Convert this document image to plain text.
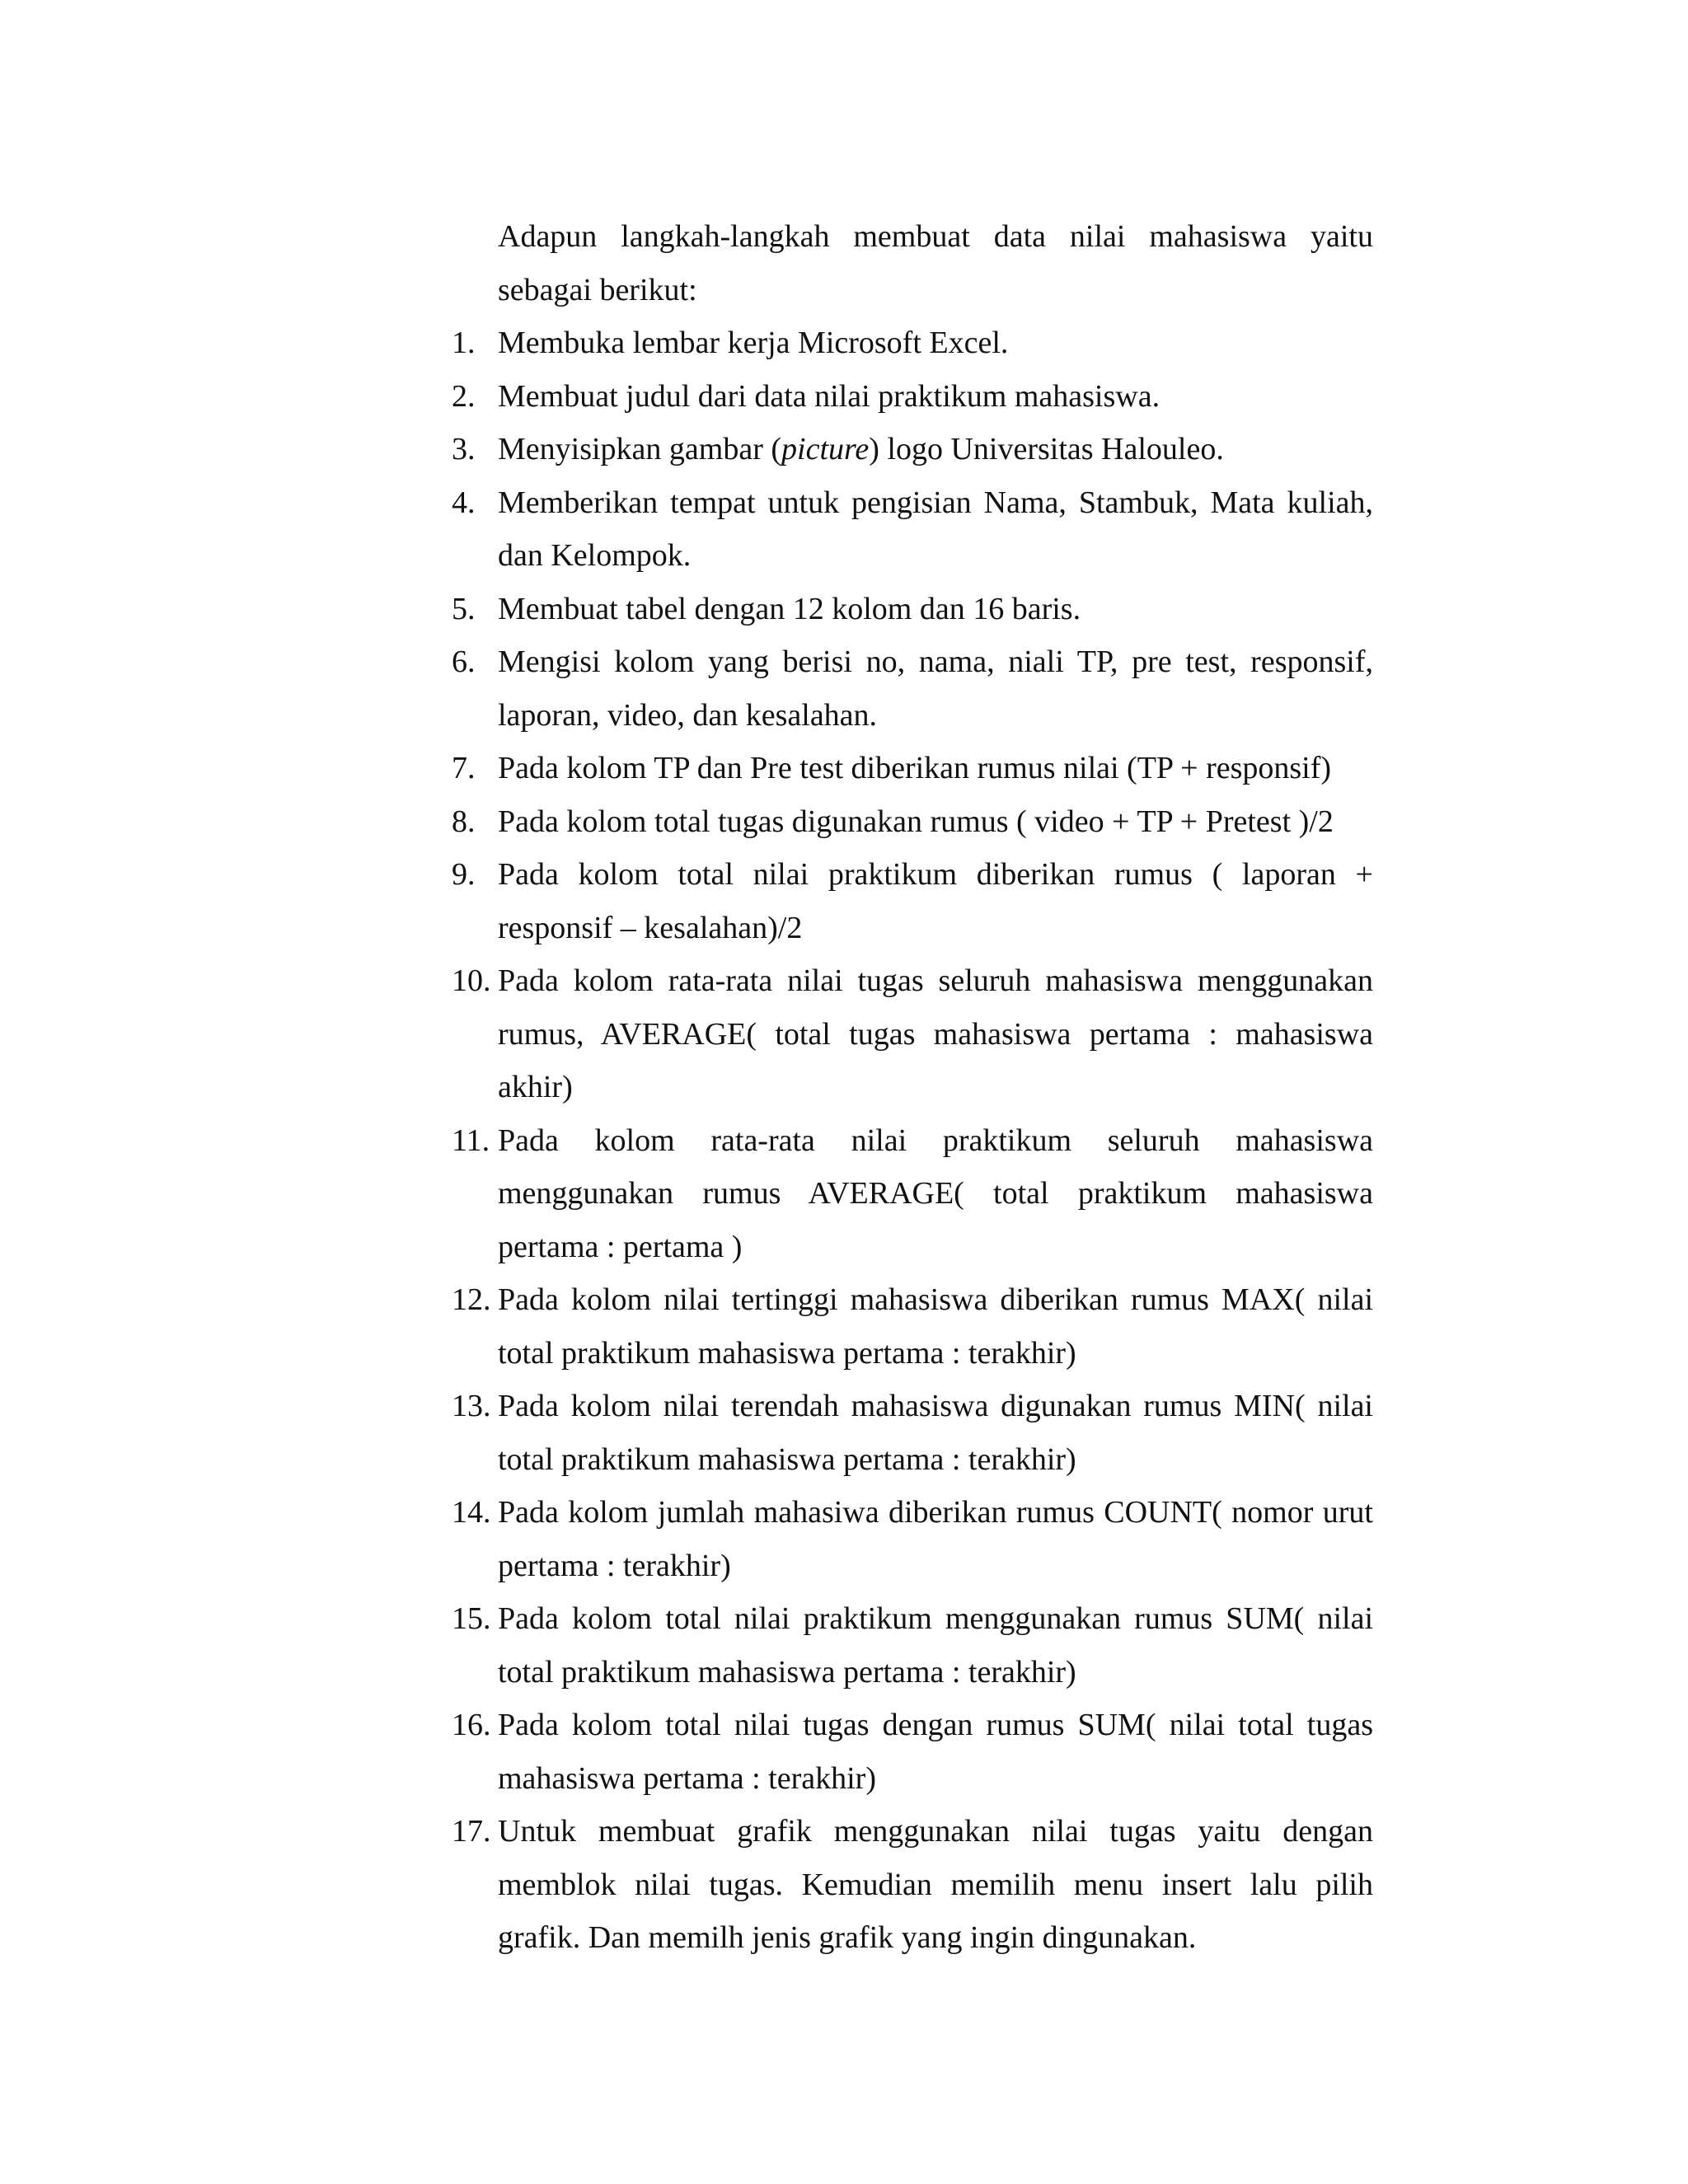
Adapun langkah-langkah membuat data nilai mahasiswa yaitu sebagai berikut:

1. Membuka lembar kerja Microsoft Excel.
2. Membuat judul dari data nilai praktikum mahasiswa.
3. Menyisipkan gambar (picture) logo Universitas Halouleo.
4. Memberikan tempat untuk pengisian Nama, Stambuk, Mata kuliah, dan Kelompok.
5. Membuat tabel dengan 12 kolom dan 16 baris.
6. Mengisi kolom yang berisi no, nama, niali TP, pre test, responsif, laporan, video, dan kesalahan.
7. Pada kolom TP dan Pre test diberikan rumus nilai (TP + responsif)
8. Pada kolom total tugas digunakan rumus ( video + TP + Pretest )/2
9. Pada kolom total nilai praktikum diberikan rumus ( laporan + responsif – kesalahan)/2
10. Pada kolom rata-rata nilai tugas seluruh mahasiswa menggunakan rumus, AVERAGE( total tugas mahasiswa pertama : mahasiswa akhir)
11. Pada kolom rata-rata nilai praktikum seluruh mahasiswa menggunakan rumus AVERAGE( total praktikum mahasiswa pertama : pertama )
12. Pada kolom nilai tertinggi mahasiswa diberikan rumus MAX( nilai total praktikum mahasiswa pertama : terakhir)
13. Pada kolom nilai terendah mahasiswa digunakan rumus MIN( nilai total praktikum mahasiswa pertama : terakhir)
14. Pada kolom jumlah mahasiwa diberikan rumus COUNT( nomor urut pertama : terakhir)
15. Pada kolom total nilai praktikum menggunakan rumus SUM( nilai total praktikum mahasiswa pertama : terakhir)
16. Pada kolom total nilai tugas dengan rumus SUM( nilai total tugas mahasiswa pertama : terakhir)
17. Untuk membuat grafik menggunakan nilai tugas yaitu dengan memblok nilai tugas. Kemudian memilih menu insert lalu pilih grafik. Dan memilh jenis grafik yang ingin dingunakan.
